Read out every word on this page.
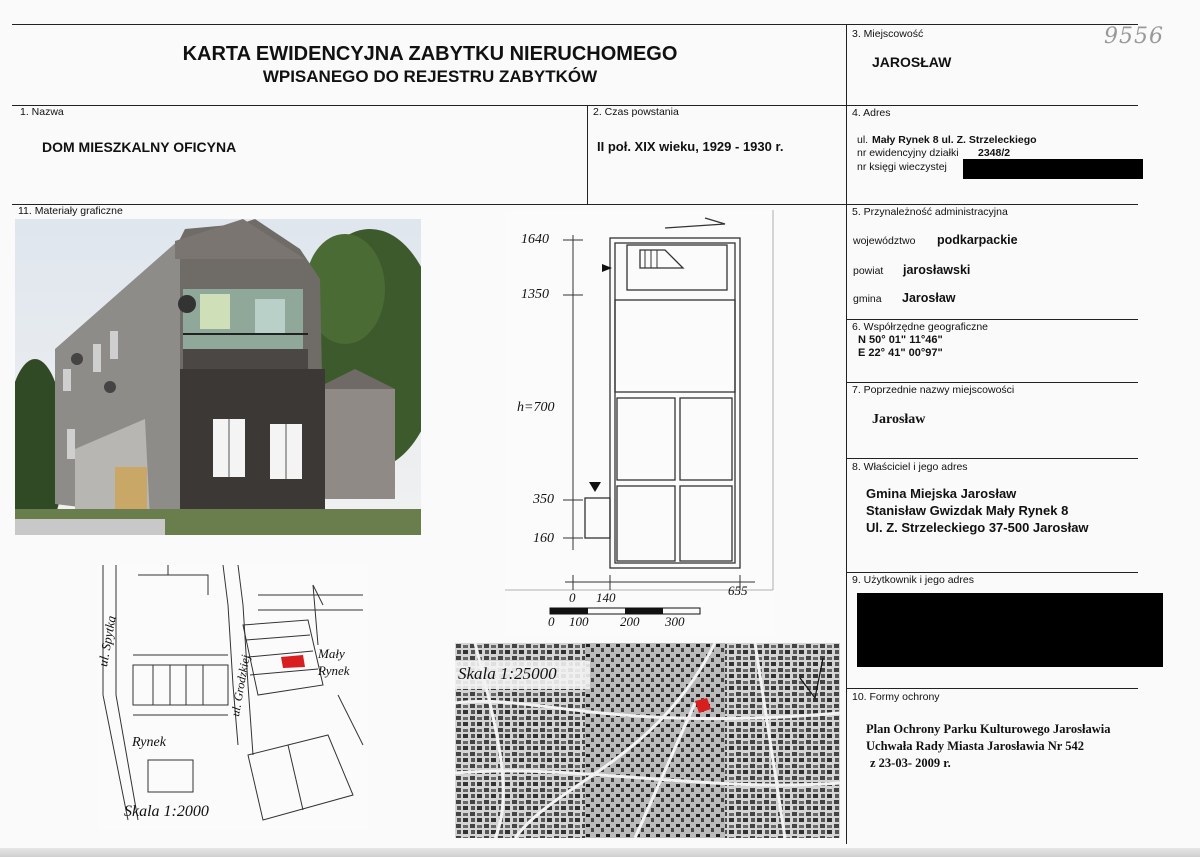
KARTA EWIDENCYJNA ZABYTKU NIERUCHOMEGO
WPISANEGO DO REJESTRU ZABYTKÓW
9556
3. Miejscowość
JAROSŁAW
1. Nazwa
DOM MIESZKALNY OFICYNA
2. Czas powstania
II poł. XIX wieku, 1929 - 1930 r.
4. Adres
ul. Mały Rynek 8 ul. Z. Strzeleckiego
nr ewidencyjny działki 2348/2
nr księgi wieczystej
11. Materiały graficzne
1640
1350
h=700
350
160
0 140	655
0 100 200 300
ul. Spytka
ul. Grodzkiej
Mały Rynek
Rynek
Skala 1:2000
Skala 1:25000
5. Przynależność administracyjna
województwo podkarpackie
powiat jarosławski
gmina Jarosław
6. Współrzędne geograficzne
N 50° 01" 11°46"
E 22° 41" 00°97"
7. Poprzednie nazwy miejscowości
Jarosław
8. Właściciel i jego adres
Gmina Miejska Jarosław
Stanisław Gwizdak Mały Rynek 8
Ul. Z. Strzeleckiego 37-500 Jarosław
9. Użytkownik i jego adres
10. Formy ochrony
Plan Ochrony Parku Kulturowego Jarosławia
Uchwała Rady Miasta Jarosławia Nr 542
z 23-03- 2009 r.
